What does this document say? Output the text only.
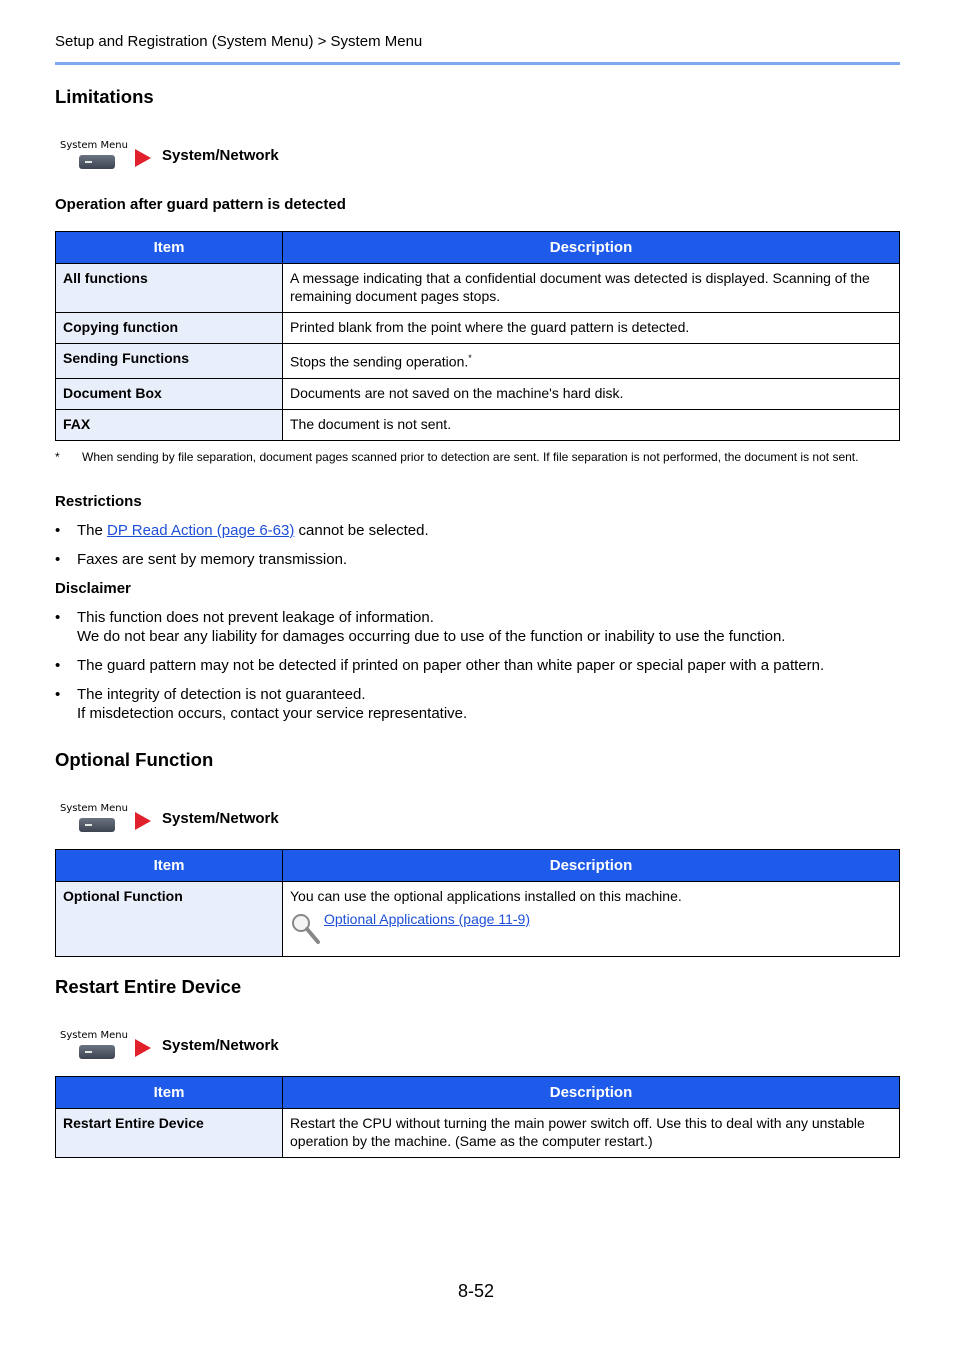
Setup and Registration (System Menu) > System Menu
Limitations
System Menu
System/Network
Operation after guard pattern is detected
Item	Description
All functions	A message indicating that a confidential document was detected is displayed. Scanning of the remaining document pages stops.
Copying function	Printed blank from the point where the guard pattern is detected.
Sending Functions	Stops the sending operation.*
Document Box	Documents are not saved on the machine's hard disk.
FAX	The document is not sent.
* When sending by file separation, document pages scanned prior to detection are sent. If file separation is not performed, the document is not sent.
Restrictions
• The DP Read Action (page 6-63) cannot be selected.
• Faxes are sent by memory transmission.
Disclaimer
• This function does not prevent leakage of information.
We do not bear any liability for damages occurring due to use of the function or inability to use the function.
• The guard pattern may not be detected if printed on paper other than white paper or special paper with a pattern.
• The integrity of detection is not guaranteed.
If misdetection occurs, contact your service representative.
Optional Function
System Menu
System/Network
Item	Description
Optional Function	You can use the optional applications installed on this machine.
Optional Applications (page 11-9)
Restart Entire Device
System Menu
System/Network
Item	Description
Restart Entire Device	Restart the CPU without turning the main power switch off. Use this to deal with any unstable operation by the machine. (Same as the computer restart.)
8-52
